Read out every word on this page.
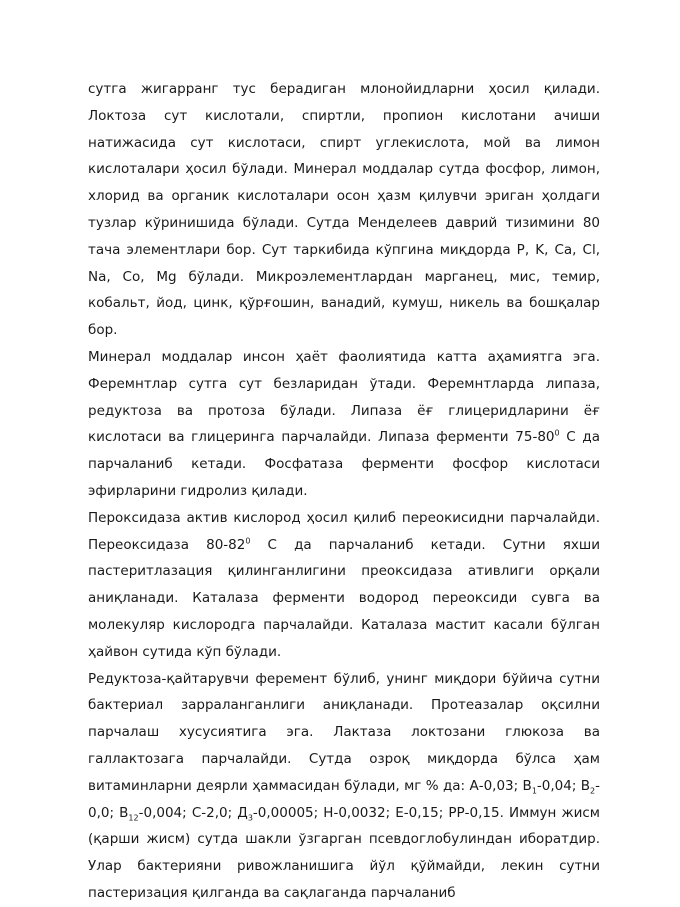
сутга жигарранг тус берадиган млонойидларни ҳосил қилади. Локтоза сут кислотали, спиртли, пропион кислотани ачиши натижасида сут кислотаси, спирт углекислота, мой ва лимон кислоталари ҳосил бўлади. Минерал моддалар сутда фосфор, лимон, хлорид ва органик кислоталари осон ҳазм қилувчи эриган ҳолдаги тузлар кўринишида бўлади. Сутда Менделеев даврий тизимини 80 тача элементлари бор. Сут таркибида кўпгина миқдорда P, K, Ca, Cl, Na, Co, Mg бўлади. Микроэлементлардан марганец, мис, темир, кобальт, йод, цинк, қўрғошин, ванадий, кумуш, никель ва бошқалар бор.

Минерал моддалар инсон ҳаёт фаолиятида катта аҳамиятга эга. Феремнтлар сутга сут безларидан ўтади. Феремнтларда липаза, редуктоза ва протоза бўлади. Липаза ёғ глицеридларини ёғ кислотаси ва глицеринга парчалайди. Липаза ферменти $75-80^0$ С да парчаланиб кетади. Фосфатаза ферменти фосфор кислотаси эфирларини гидролиз қилади.

Пероксидаза актив кислород ҳосил қилиб переокисидни парчалайди. Переоксидаза $80-82^0$ С да парчаланиб кетади. Сутни яхши пастеритлазация қилинганлигини преоксидаза ативлиги орқали аниқланади. Каталаза ферменти водород переоксиди сувга ва молекуляр кислородга парчалайди. Каталаза мастит касали бўлган ҳайвон сутида кўп бўлади.

Редуктоза-қайтарувчи феремент бўлиб, унинг миқдори бўйича сутни бактериал зарраланганлиги аниқланади. Протеазалар оқсилни парчалаш хусусиятига эга. Лактаза локтозани глюкоза ва галлактозага парчалайди. Сутда озроқ миқдорда бўлса ҳам витаминларни деярли ҳаммасидан бўлади, мг % да: А-0,03; $В_1-0,04$; $В_2-0,0$; $В_{12}-0,004$; С-2,0; $Д_3-0,00005$; Н-0,0032; Е-0,15; РР-0,15. Иммун жисм (қарши жисм) сутда шакли ўзгарган псевдоглобулиндан иборатдир. Улар бактерияни ривожланишига йўл қўймайди, лекин сутни пастеризация қилганда ва сақлаганда парчаланиб
